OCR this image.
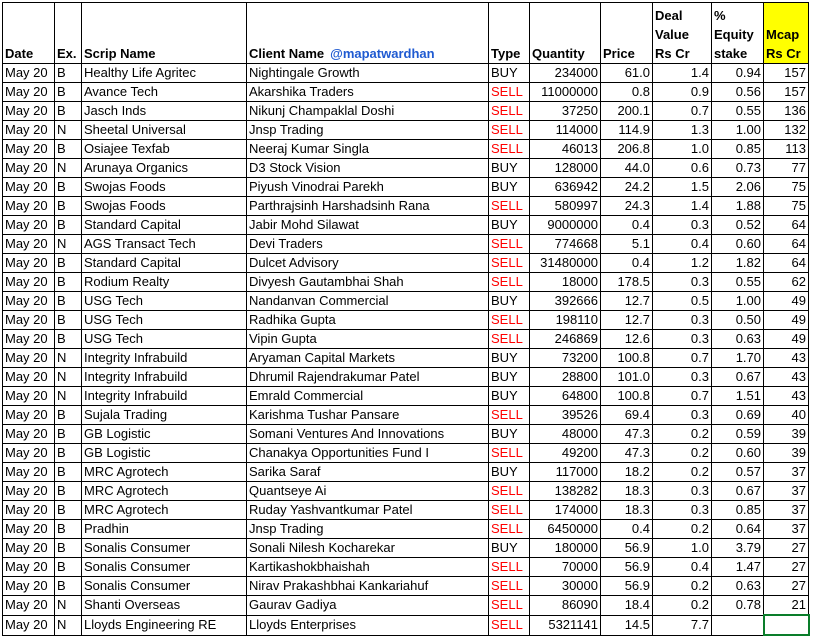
Date	Ex.	Scrip Name	Client Name @mapatwardhan	Type	Quantity	Price	Deal Value Rs Cr	% Equity stake	Mcap Rs Cr
May 20	B	Healthy Life Agritec	Nightingale Growth	BUY	234000	61.0	1.4	0.94	157
May 20	B	Avance Tech	Akarshika Traders	SELL	11000000	0.8	0.9	0.56	157
May 20	B	Jasch Inds	Nikunj Champaklal Doshi	SELL	37250	200.1	0.7	0.55	136
May 20	N	Sheetal Universal	Jnsp Trading	SELL	114000	114.9	1.3	1.00	132
May 20	B	Osiajee Texfab	Neeraj Kumar Singla	SELL	46013	206.8	1.0	0.85	113
May 20	N	Arunaya Organics	D3 Stock Vision	BUY	128000	44.0	0.6	0.73	77
May 20	B	Swojas Foods	Piyush Vinodrai Parekh	BUY	636942	24.2	1.5	2.06	75
May 20	B	Swojas Foods	Parthrajsinh Harshadsinh Rana	SELL	580997	24.3	1.4	1.88	75
May 20	B	Standard Capital	Jabir Mohd Silawat	BUY	9000000	0.4	0.3	0.52	64
May 20	N	AGS Transact Tech	Devi Traders	SELL	774668	5.1	0.4	0.60	64
May 20	B	Standard Capital	Dulcet Advisory	SELL	31480000	0.4	1.2	1.82	64
May 20	B	Rodium Realty	Divyesh Gautambhai Shah	SELL	18000	178.5	0.3	0.55	62
May 20	B	USG Tech	Nandanvan Commercial	BUY	392666	12.7	0.5	1.00	49
May 20	B	USG Tech	Radhika Gupta	SELL	198110	12.7	0.3	0.50	49
May 20	B	USG Tech	Vipin Gupta	SELL	246869	12.6	0.3	0.63	49
May 20	N	Integrity Infrabuild	Aryaman Capital Markets	BUY	73200	100.8	0.7	1.70	43
May 20	N	Integrity Infrabuild	Dhrumil Rajendrakumar Patel	BUY	28800	101.0	0.3	0.67	43
May 20	N	Integrity Infrabuild	Emrald Commercial	BUY	64800	100.8	0.7	1.51	43
May 20	B	Sujala Trading	Karishma Tushar Pansare	SELL	39526	69.4	0.3	0.69	40
May 20	B	GB Logistic	Somani Ventures And Innovations	BUY	48000	47.3	0.2	0.59	39
May 20	B	GB Logistic	Chanakya Opportunities Fund I	SELL	49200	47.3	0.2	0.60	39
May 20	B	MRC Agrotech	Sarika Saraf	BUY	117000	18.2	0.2	0.57	37
May 20	B	MRC Agrotech	Quantseye Ai	SELL	138282	18.3	0.3	0.67	37
May 20	B	MRC Agrotech	Ruday Yashvantkumar Patel	SELL	174000	18.3	0.3	0.85	37
May 20	B	Pradhin	Jnsp Trading	SELL	6450000	0.4	0.2	0.64	37
May 20	B	Sonalis Consumer	Sonali Nilesh Kocharekar	BUY	180000	56.9	1.0	3.79	27
May 20	B	Sonalis Consumer	Kartikashokbhaishah	SELL	70000	56.9	0.4	1.47	27
May 20	B	Sonalis Consumer	Nirav Prakashbhai Kankariahuf	SELL	30000	56.9	0.2	0.63	27
May 20	N	Shanti Overseas	Gaurav Gadiya	SELL	86090	18.4	0.2	0.78	21
May 20	N	Lloyds Engineering RE	Lloyds Enterprises	SELL	5321141	14.5	7.7		
